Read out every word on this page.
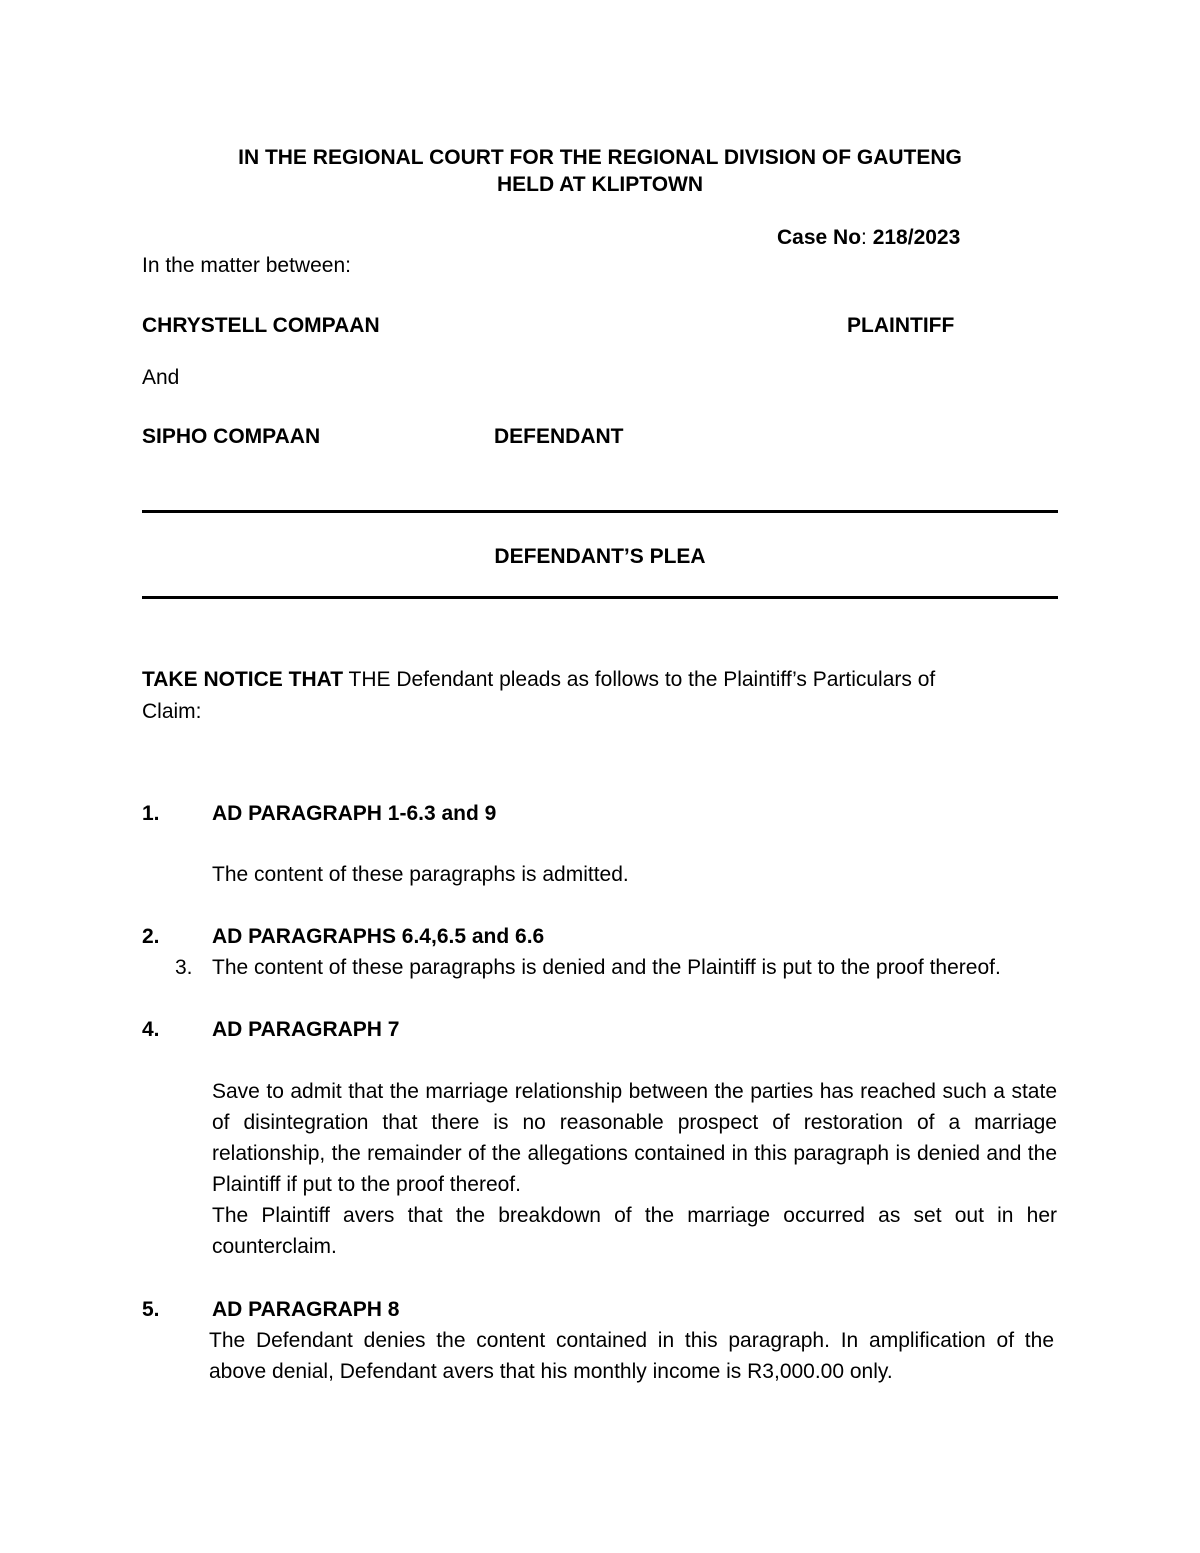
IN THE REGIONAL COURT FOR THE REGIONAL DIVISION OF GAUTENG
HELD AT KLIPTOWN
Case No: 218/2023
In the matter between:
CHRYSTELL COMPAAN	PLAINTIFF
And
SIPHO COMPAAN	DEFENDANT
DEFENDANT’S PLEA
TAKE NOTICE THAT THE Defendant pleads as follows to the Plaintiff’s Particulars of
Claim:
1. AD PARAGRAPH 1-6.3 and 9
The content of these paragraphs is admitted.
2. AD PARAGRAPHS 6.4,6.5 and 6.6
3. The content of these paragraphs is denied and the Plaintiff is put to the proof thereof.
4. AD PARAGRAPH 7
Save to admit that the marriage relationship between the parties has reached such a state of disintegration that there is no reasonable prospect of restoration of a marriage relationship, the remainder of the allegations contained in this paragraph is denied and the Plaintiff if put to the proof thereof.
The Plaintiff avers that the breakdown of the marriage occurred as set out in her counterclaim.
5. AD PARAGRAPH 8
The Defendant denies the content contained in this paragraph. In amplification of the above denial, Defendant avers that his monthly income is R3,000.00 only.
